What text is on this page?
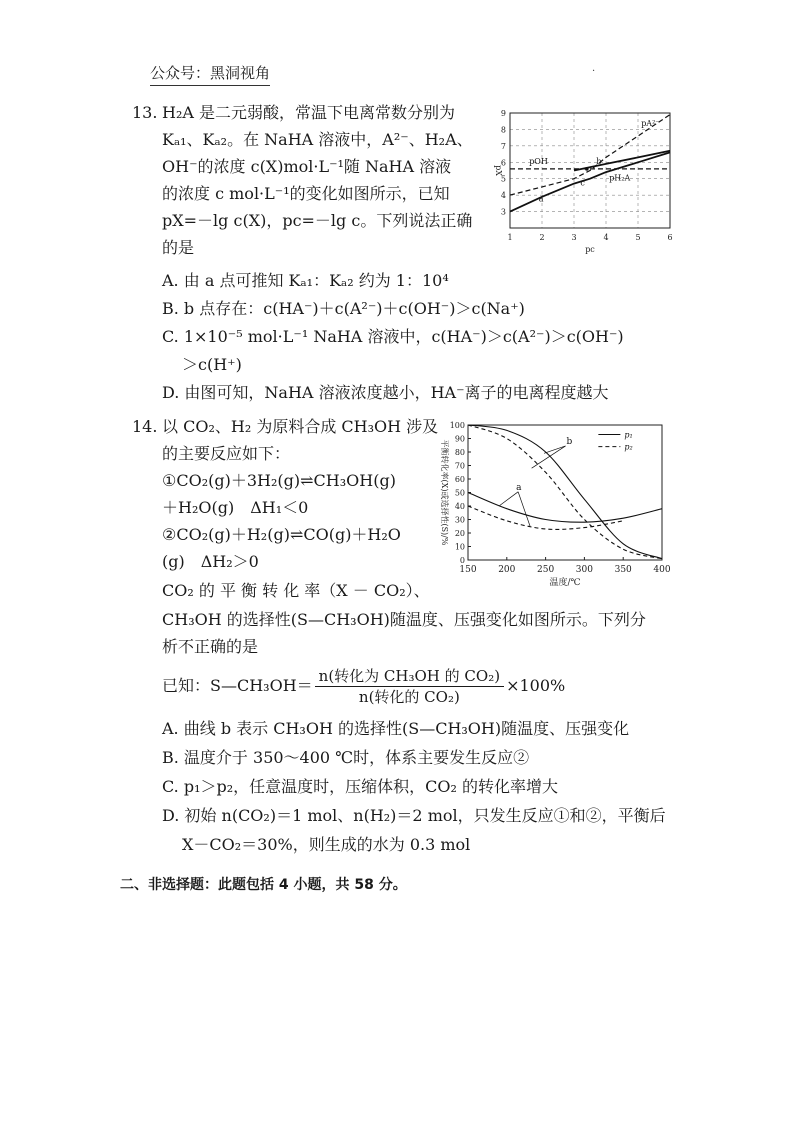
公众号：黑洞视角	·
13. H₂A 是二元弱酸，常温下电离常数分别为
Kₐ₁、Kₐ₂。在 NaHA 溶液中，A²⁻、H₂A、
OH⁻的浓度 c(X)mol·L⁻¹随 NaHA 溶液
的浓度 c mol·L⁻¹的变化如图所示，已知
pX=－lg c(X)，pc=－lg c。下列说法正确
的是
A. 由 a 点可推知 Kₐ₁：Kₐ₂ 约为 1：10⁴
B. b 点存在：c(HA⁻)＋c(A²⁻)＋c(OH⁻)＞c(Na⁺)
C. 1×10⁻⁵ mol·L⁻¹ NaHA 溶液中，c(HA⁻)＞c(A²⁻)＞c(OH⁻)
＞c(H⁺)
D. 由图可知，NaHA 溶液浓度越小，HA⁻离子的电离程度越大
1	2	3	4	5	6
3
4
5
6
7
8
9
pc
pX
pOH
pA²⁻
pH₂A
a
b
c
14. 以 CO₂、H₂ 为原料合成 CH₃OH 涉及
的主要反应如下：
①CO₂(g)＋3H₂(g)⇌CH₃OH(g)
＋H₂O(g)　ΔH₁＜0
②CO₂(g)＋H₂(g)⇌CO(g)＋H₂O
(g)　ΔH₂＞0
CO₂ 的 平 衡 转 化 率（X － CO₂）、
CH₃OH 的选择性(S—CH₃OH)随温度、压强变化如图所示。下列分
析不正确的是
已知：S—CH₃OH＝ $\frac{\text{n(转化为 CH₃OH 的 CO₂)}}{\text{n(转化的 CO₂)}} \times 100\%$
A. 曲线 b 表示 CH₃OH 的选择性(S—CH₃OH)随温度、压强变化
B. 温度介于 350～400 ℃时，体系主要发生反应②
C. p₁＞p₂，任意温度时，压缩体积，CO₂ 的转化率增大
D. 初始 n(CO₂)＝1 mol、n(H₂)＝2 mol，只发生反应①和②，平衡后
X－CO₂＝30%，则生成的水为 0.3 mol
150 200 250 300 350 400
0
10
20
30
40
50
60
70
80
90
100
温度/℃
平衡转化率(X)或选择性(S)/%
p₁
p₂
a
b
二、非选择题：此题包括 4 小题，共 58 分。
